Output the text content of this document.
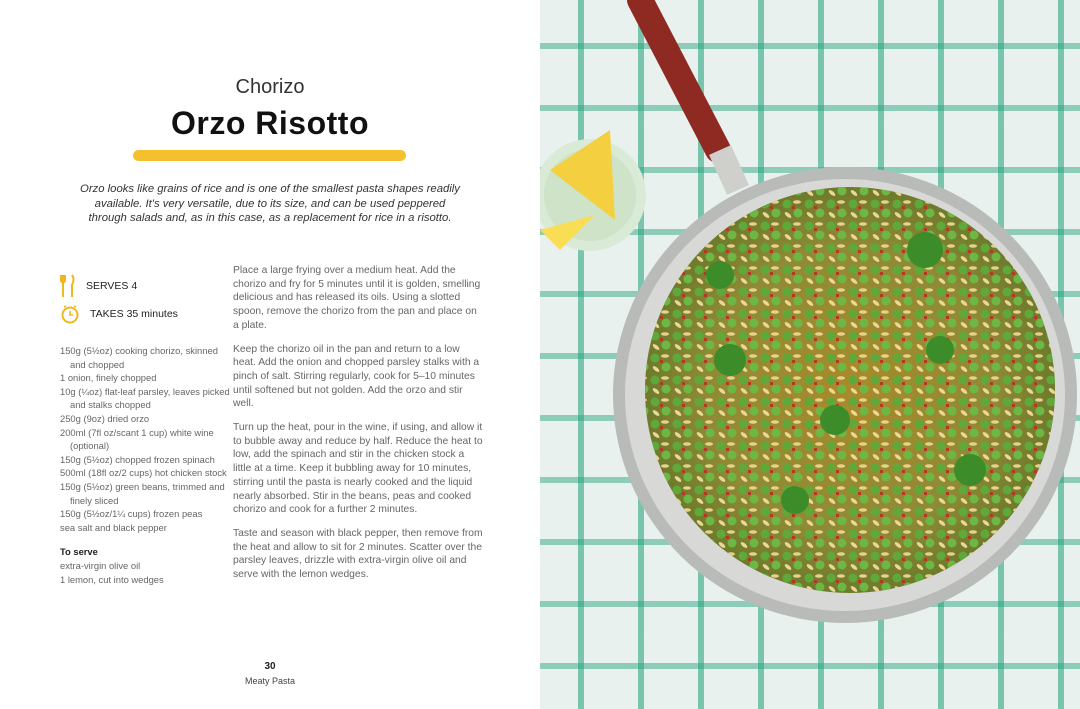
Chorizo
Orzo Risotto
Orzo looks like grains of rice and is one of the smallest pasta shapes readily available. It's very versatile, due to its size, and can be used peppered through salads and, as in this case, as a replacement for rice in a risotto.
SERVES 4
TAKES 35 minutes
150g (5½oz) cooking chorizo, skinned and chopped
1 onion, finely chopped
10g (¼oz) flat-leaf parsley, leaves picked and stalks chopped
250g (9oz) dried orzo
200ml (7fl oz/scant 1 cup) white wine (optional)
150g (5½oz) chopped frozen spinach
500ml (18fl oz/2 cups) hot chicken stock
150g (5½oz) green beans, trimmed and finely sliced
150g (5½oz/1¼ cups) frozen peas
sea salt and black pepper
To serve
extra-virgin olive oil
1 lemon, cut into wedges

Place a large frying over a medium heat. Add the chorizo and fry for 5 minutes until it is golden, smelling delicious and has released its oils. Using a slotted spoon, remove the chorizo from the pan and place on a plate.

Keep the chorizo oil in the pan and return to a low heat. Add the onion and chopped parsley stalks with a pinch of salt. Stirring regularly, cook for 5–10 minutes until softened but not golden. Add the orzo and stir well.

Turn up the heat, pour in the wine, if using, and allow it to bubble away and reduce by half. Reduce the heat to low, add the spinach and stir in the chicken stock a little at a time. Keep it bubbling away for 10 minutes, stirring until the pasta is nearly cooked and the liquid nearly absorbed. Stir in the beans, peas and cooked chorizo and cook for a further 2 minutes.

Taste and season with black pepper, then remove from the heat and allow to sit for 2 minutes. Scatter over the parsley leaves, drizzle with extra-virgin olive oil and serve with the lemon wedges.

30
Meaty Pasta
